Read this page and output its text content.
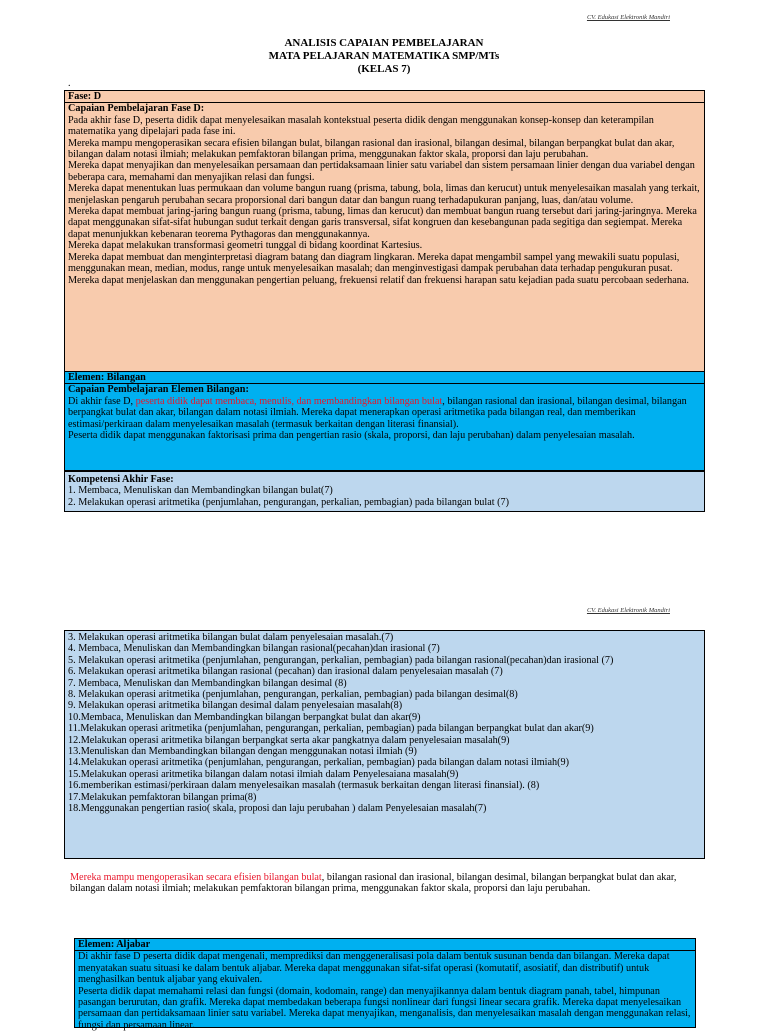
CV. Edukasi Elektronik Mandiri
ANALISIS CAPAIAN PEMBELAJARAN
MATA PELAJARAN MATEMATIKA SMP/MTs
(KELAS 7)
.

Fase: D

Capaian Pembelajaran Fase D:

Pada akhir fase D, peserta didik dapat menyelesaikan masalah kontekstual peserta didik dengan menggunakan konsep-konsep dan keterampilan matematika yang dipelajari pada fase ini.

Mereka mampu mengoperasikan secara efisien bilangan bulat, bilangan rasional dan irasional, bilangan desimal, bilangan berpangkat bulat dan akar, bilangan dalam notasi ilmiah; melakukan pemfaktoran bilangan prima, menggunakan faktor skala, proporsi dan laju perubahan.

Mereka dapat menyajikan dan menyelesaikan persamaan dan pertidaksamaan linier satu variabel dan sistem persamaan linier dengan dua variabel dengan beberapa cara, memahami dan menyajikan relasi dan fungsi.

Mereka dapat menentukan luas permukaan dan volume bangun ruang (prisma, tabung, bola, limas dan kerucut) untuk menyelesaikan masalah yang terkait, menjelaskan pengaruh perubahan secara proporsional dari bangun datar dan bangun ruang terhadapukuran panjang, luas, dan/atau volume.

Mereka dapat membuat jaring-jaring bangun ruang (prisma, tabung, limas dan kerucut) dan membuat bangun ruang tersebut dari jaring-jaringnya. Mereka dapat menggunakan sifat-sifat hubungan sudut terkait dengan garis transversal, sifat kongruen dan kesebangunan pada segitiga dan segiempat. Mereka dapat menunjukkan kebenaran teorema Pythagoras dan menggunakannya.

Mereka dapat melakukan transformasi geometri tunggal di bidang koordinat Kartesius.

Mereka dapat membuat dan menginterpretasi diagram batang dan diagram lingkaran. Mereka dapat mengambil sampel yang mewakili suatu populasi, menggunakan mean, median, modus, range untuk menyelesaikan masalah; dan menginvestigasi dampak perubahan data terhadap pengukuran pusat. Mereka dapat menjelaskan dan menggunakan pengertian peluang, frekuensi relatif dan frekuensi harapan satu kejadian pada suatu percobaan sederhana.

Elemen: Bilangan

Capaian Pembelajaran Elemen Bilangan:

Di akhir fase D, peserta didik dapat membaca, menulis, dan membandingkan bilangan bulat, bilangan rasional dan irasional, bilangan desimal, bilangan berpangkat bulat dan akar, bilangan dalam notasi ilmiah. Mereka dapat menerapkan operasi aritmetika pada bilangan real, dan memberikan estimasi/perkiraan dalam menyelesaikan masalah (termasuk berkaitan dengan literasi finansial).

Peserta didik dapat menggunakan faktorisasi prima dan pengertian rasio (skala, proporsi, dan laju perubahan) dalam penyelesaian masalah.

Kompetensi Akhir Fase:

1. Membaca, Menuliskan dan Membandingkan bilangan bulat(7)
2. Melakukan operasi aritmetika (penjumlahan, pengurangan, perkalian, pembagian) pada bilangan bulat (7)
CV. Edukasi Elektronik Mandiri
3. Melakukan operasi aritmetika bilangan bulat dalam penyelesaian masalah.(7)
4. Membaca, Menuliskan dan Membandingkan bilangan rasional(pecahan)dan irasional (7)
5. Melakukan operasi aritmetika (penjumlahan, pengurangan, perkalian, pembagian) pada bilangan rasional(pecahan)dan irasional (7)
6. Melakukan operasi aritmetika bilangan rasional (pecahan) dan irasional dalam penyelesaian masalah (7)
7. Membaca, Menuliskan dan Membandingkan bilangan desimal (8)
8. Melakukan operasi aritmetika (penjumlahan, pengurangan, perkalian, pembagian) pada bilangan desimal(8)
9. Melakukan operasi aritmetika bilangan desimal dalam penyelesaian masalah(8)
10.Membaca, Menuliskan dan Membandingkan bilangan berpangkat bulat dan akar(9)
11.Melakukan operasi aritmetika (penjumlahan, pengurangan, perkalian, pembagian) pada bilangan berpangkat bulat dan akar(9)
12.Melakukan operasi aritmetika bilangan berpangkat serta akar pangkatnya dalam penyelesaian masalah(9)
13.Menuliskan dan Membandingkan bilangan dengan menggunakan notasi ilmiah (9)
14.Melakukan operasi aritmetika (penjumlahan, pengurangan, perkalian, pembagian) pada bilangan dalam notasi ilmiah(9)
15.Melakukan operasi aritmetika bilangan dalam notasi ilmiah dalam Penyelesaiana masalah(9)
16.memberikan estimasi/perkiraan dalam menyelesaikan masalah (termasuk berkaitan dengan literasi finansial). (8)
17.Melakukan pemfaktoran bilangan prima(8)
18.Menggunakan pengertian rasio( skala, proposi dan laju perubahan ) dalam Penyelesaian masalah(7)
Mereka mampu mengoperasikan secara efisien bilangan bulat, bilangan rasional dan irasional, bilangan desimal, bilangan berpangkat bulat dan akar, bilangan dalam notasi ilmiah; melakukan pemfaktoran bilangan prima, menggunakan faktor skala, proporsi dan laju perubahan.

Elemen: Aljabar

Di akhir fase D peserta didik dapat mengenali, memprediksi dan menggeneralisasi pola dalam bentuk susunan benda dan bilangan. Mereka dapat menyatakan suatu situasi ke dalam bentuk aljabar. Mereka dapat menggunakan sifat-sifat operasi (komutatif, asosiatif, dan distributif) untuk menghasilkan bentuk aljabar yang ekuivalen.

Peserta didik dapat memahami relasi dan fungsi (domain, kodomain, range) dan menyajikannya dalam bentuk diagram panah, tabel, himpunan pasangan berurutan, dan grafik. Mereka dapat membedakan beberapa fungsi nonlinear dari fungsi linear secara grafik. Mereka dapat menyelesaikan persamaan dan pertidaksamaan linier satu variabel. Mereka dapat menyajikan, menganalisis, dan menyelesaikan masalah dengan menggunakan relasi, fungsi dan persamaan linear.
